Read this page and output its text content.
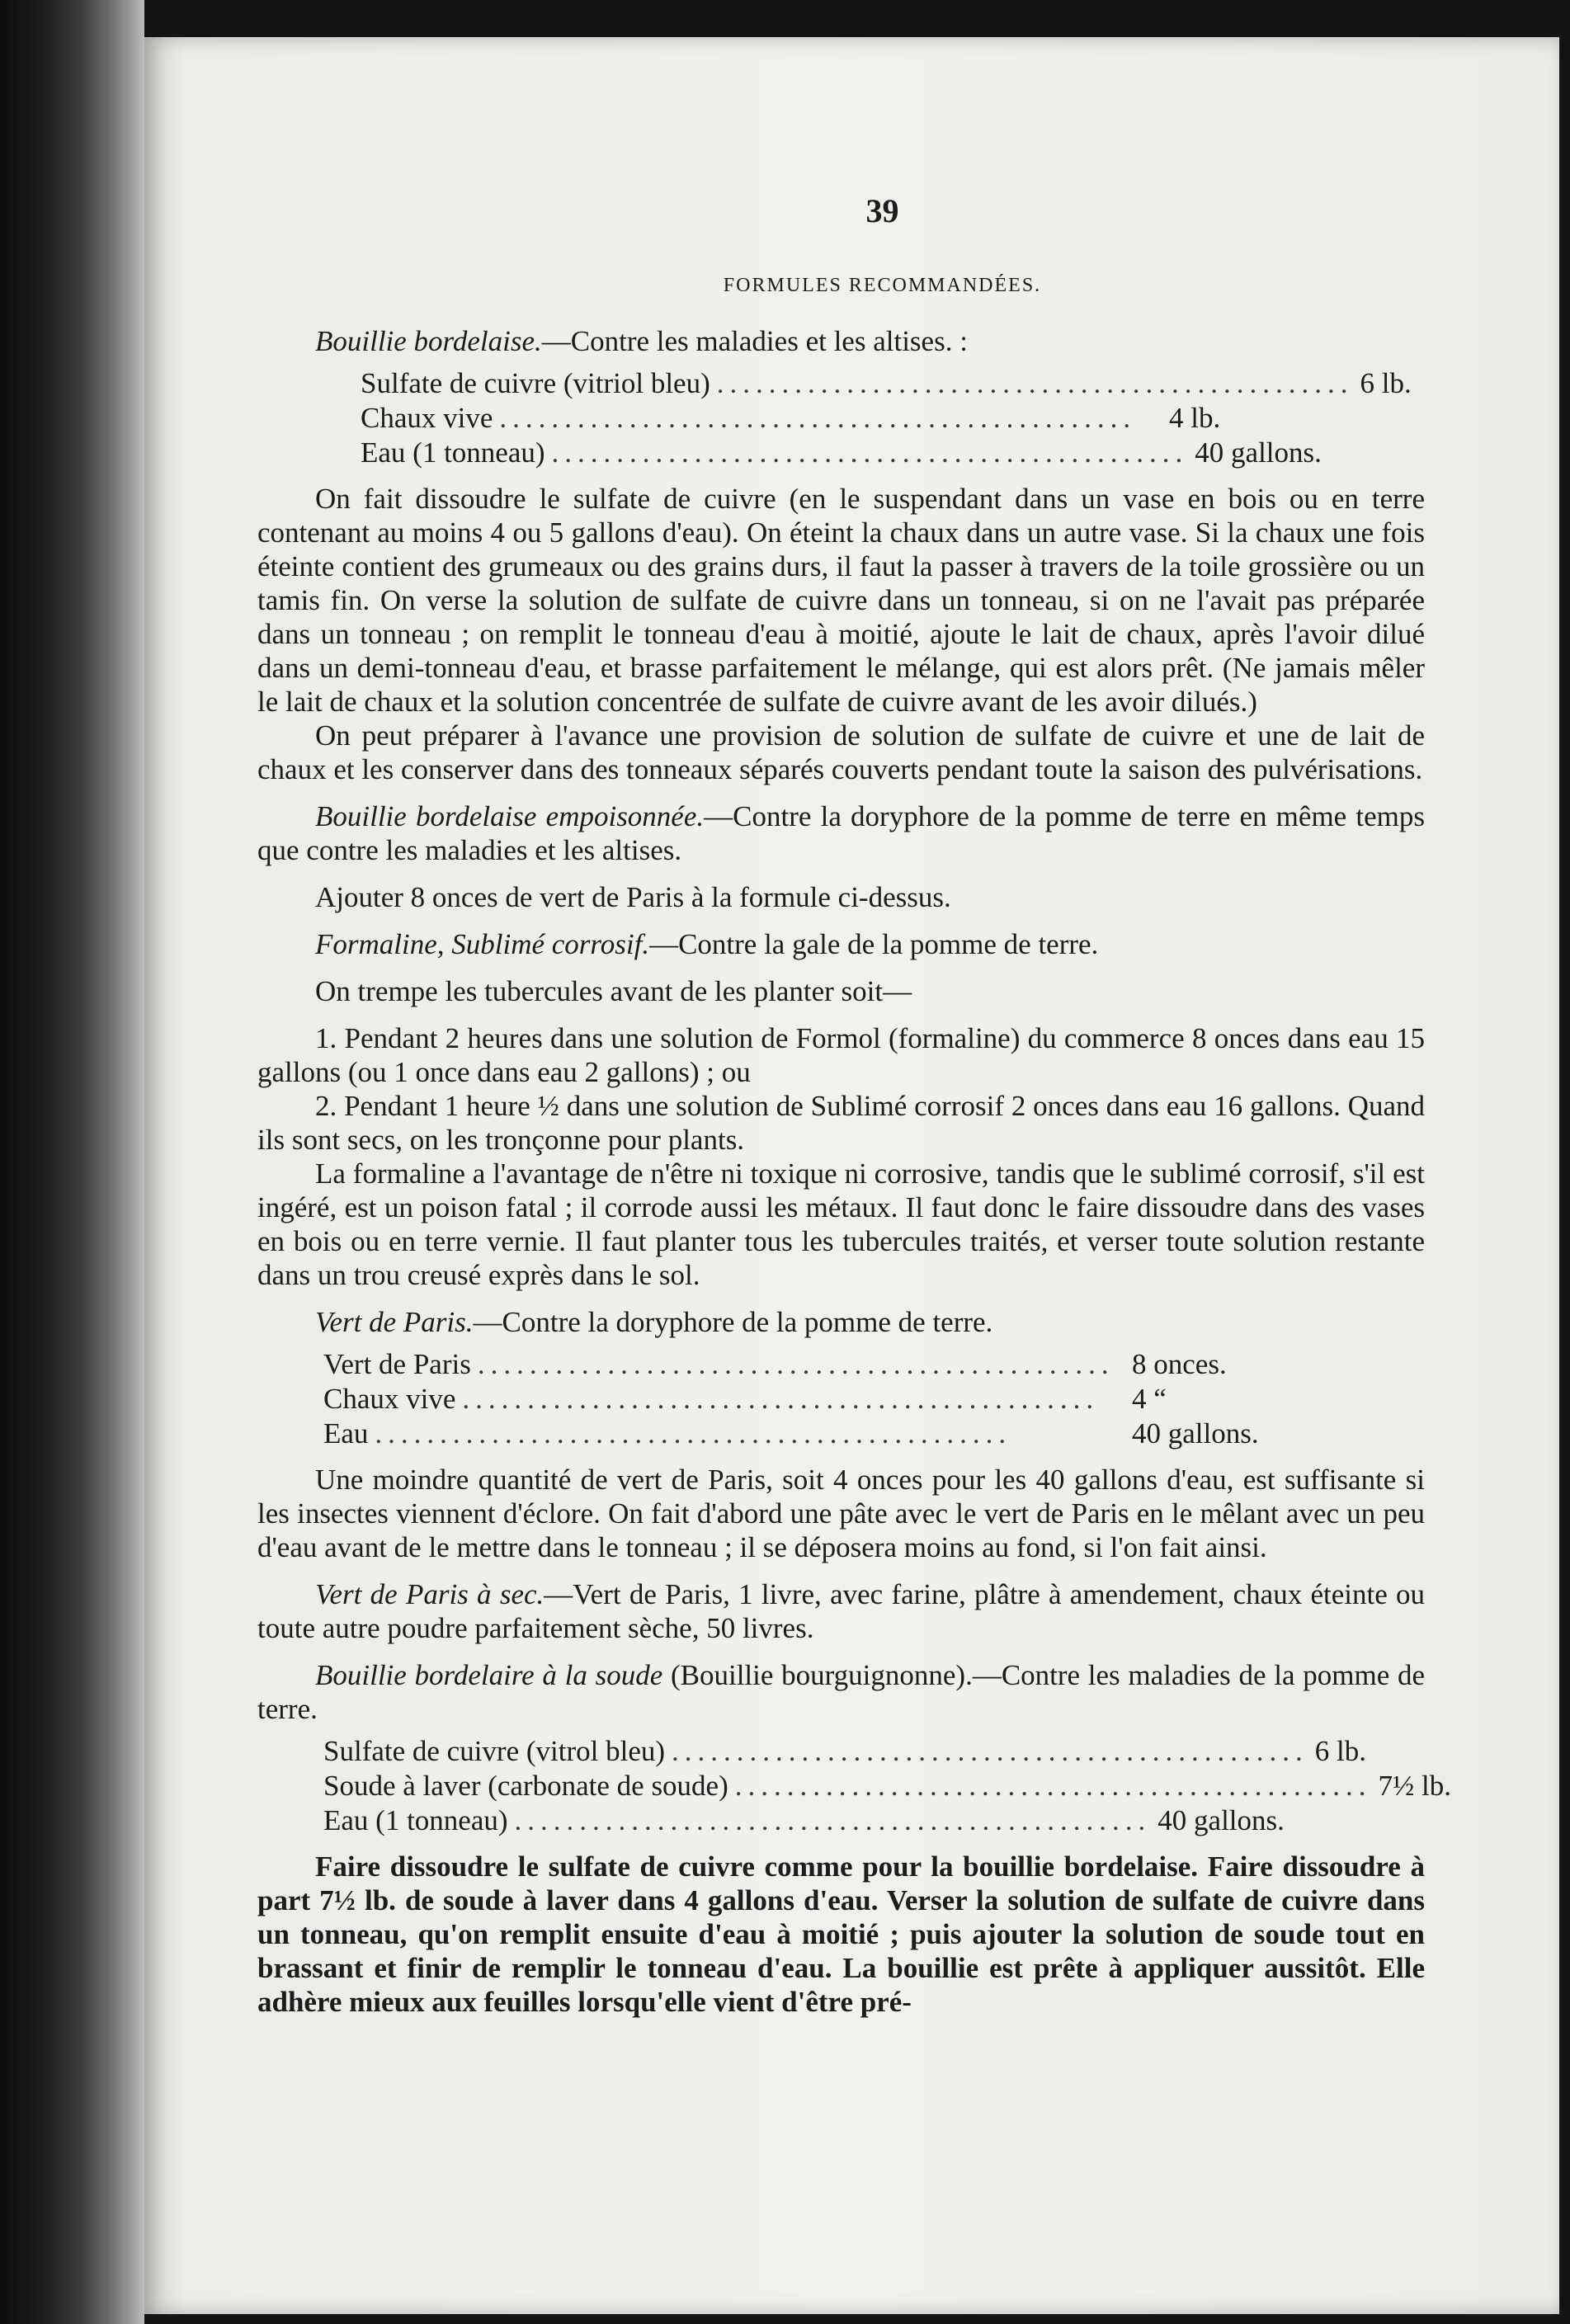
39
FORMULES RECOMMANDÉES.

Bouillie bordelaise.—Contre les maladies et les altises. :

Sulfate de cuivre (vitriol bleu) ................................................. 6 lb.
Chaux vive .................................................	4 lb.
Eau (1 tonneau) ................................................. 40 gallons.

On fait dissoudre le sulfate de cuivre (en le suspendant dans un vase en bois ou en terre contenant au moins 4 ou 5 gallons d'eau). On éteint la chaux dans un autre vase. Si la chaux une fois éteinte contient des grumeaux ou des grains durs, il faut la passer à travers de la toile grossière ou un tamis fin. On verse la solution de sulfate de cuivre dans un tonneau, si on ne l'avait pas préparée dans un tonneau ; on remplit le tonneau d'eau à moitié, ajoute le lait de chaux, après l'avoir dilué dans un demi-tonneau d'eau, et brasse parfaitement le mélange, qui est alors prêt. (Ne jamais mêler le lait de chaux et la solution concentrée de sulfate de cuivre avant de les avoir dilués.)

On peut préparer à l'avance une provision de solution de sulfate de cuivre et une de lait de chaux et les conserver dans des tonneaux séparés couverts pendant toute la saison des pulvérisations.

Bouillie bordelaise empoisonnée.—Contre la doryphore de la pomme de terre en même temps que contre les maladies et les altises.

Ajouter 8 onces de vert de Paris à la formule ci-dessus.

Formaline, Sublimé corrosif.—Contre la gale de la pomme de terre.

On trempe les tubercules avant de les planter soit—

1. Pendant 2 heures dans une solution de Formol (formaline) du commerce 8 onces dans eau 15 gallons (ou 1 once dans eau 2 gallons) ; ou

2. Pendant 1 heure ½ dans une solution de Sublimé corrosif 2 onces dans eau 16 gallons. Quand ils sont secs, on les tronçonne pour plants.

La formaline a l'avantage de n'être ni toxique ni corrosive, tandis que le sublimé corrosif, s'il est ingéré, est un poison fatal ; il corrode aussi les métaux. Il faut donc le faire dissoudre dans des vases en bois ou en terre vernie. Il faut planter tous les tubercules traités, et verser toute solution restante dans un trou creusé exprès dans le sol.

Vert de Paris.—Contre la doryphore de la pomme de terre.

Vert de Paris ................................................. 8 onces.
Chaux vive .................................................	4 “
Eau .................................................	40 gallons.

Une moindre quantité de vert de Paris, soit 4 onces pour les 40 gallons d'eau, est suffisante si les insectes viennent d'éclore. On fait d'abord une pâte avec le vert de Paris en le mêlant avec un peu d'eau avant de le mettre dans le tonneau ; il se déposera moins au fond, si l'on fait ainsi.

Vert de Paris à sec.—Vert de Paris, 1 livre, avec farine, plâtre à amendement, chaux éteinte ou toute autre poudre parfaitement sèche, 50 livres.

Bouillie bordelaire à la soude (Bouillie bourguignonne).—Contre les maladies de la pomme de terre.

Sulfate de cuivre (vitrol bleu) ................................................. 6 lb.
Soude à laver (carbonate de soude) ................................................. 7½ lb.
Eau (1 tonneau) ................................................. 40 gallons.

Faire dissoudre le sulfate de cuivre comme pour la bouillie bordelaise. Faire dissoudre à part 7½ lb. de soude à laver dans 4 gallons d'eau. Verser la solution de sulfate de cuivre dans un tonneau, qu'on remplit ensuite d'eau à moitié ; puis ajouter la solution de soude tout en brassant et finir de remplir le tonneau d'eau. La bouillie est prête à appliquer aussitôt. Elle adhère mieux aux feuilles lorsqu'elle vient d'être pré-
